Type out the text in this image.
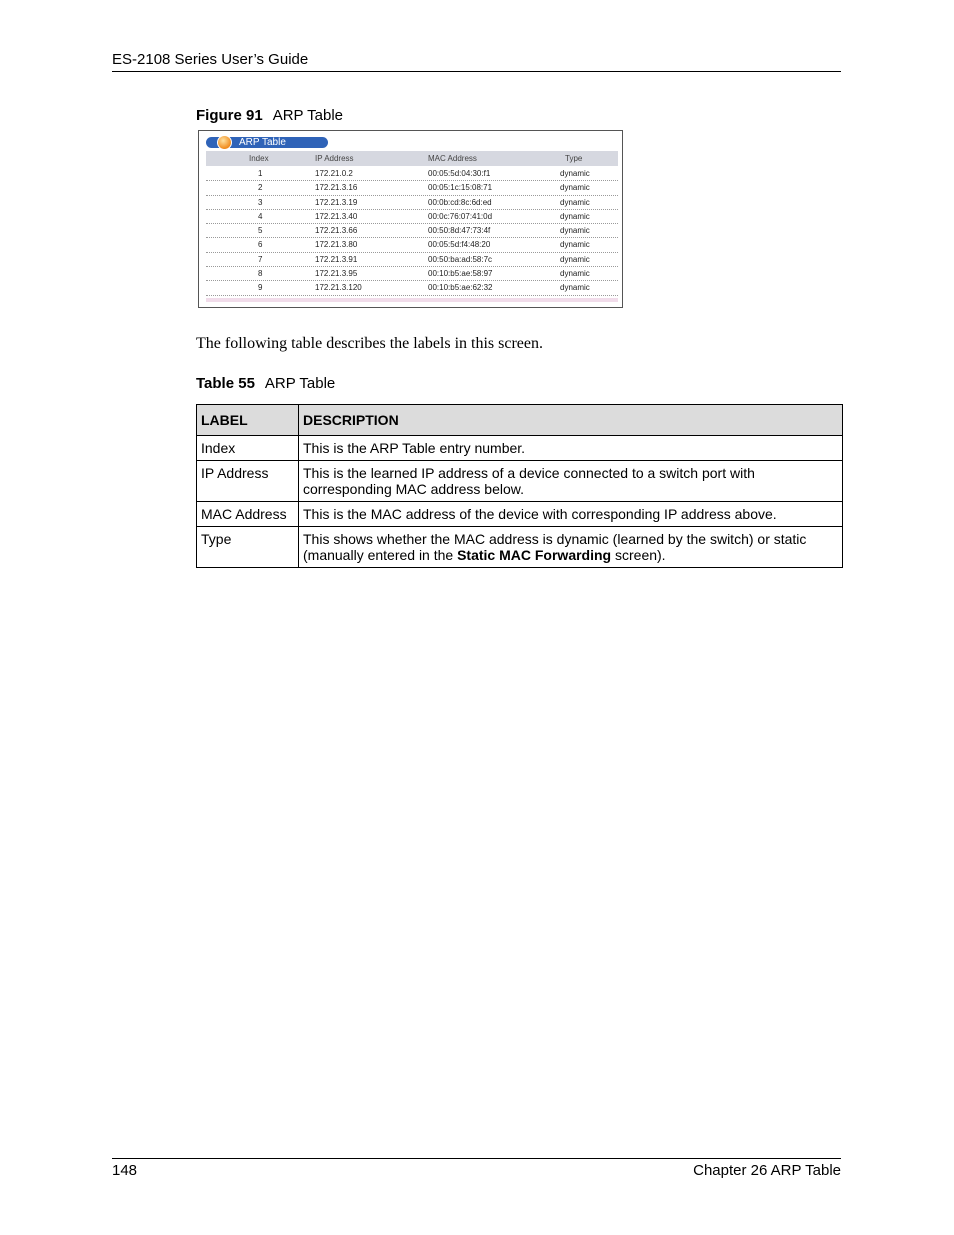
ES-2108 Series User’s Guide
Figure 91 ARP Table
ARP Table
Index	IP Address	MAC Address	Type
1	172.21.0.2	00:05:5d:04:30:f1	dynamic
2	172.21.3.16	00:05:1c:15:08:71	dynamic
3	172.21.3.19	00:0b:cd:8c:6d:ed	dynamic
4	172.21.3.40	00:0c:76:07:41:0d	dynamic
5	172.21.3.66	00:50:8d:47:73:4f	dynamic
6	172.21.3.80	00:05:5d:f4:48:20	dynamic
7	172.21.3.91	00:50:ba:ad:58:7c	dynamic
8	172.21.3.95	00:10:b5:ae:58:97	dynamic
9	172.21.3.120	00:10:b5:ae:62:32	dynamic
The following table describes the labels in this screen.
Table 55 ARP Table
LABEL	DESCRIPTION
Index	This is the ARP Table entry number.
IP Address	This is the learned IP address of a device connected to a switch port with corresponding MAC address below.
MAC Address	This is the MAC address of the device with corresponding IP address above.
Type	This shows whether the MAC address is dynamic (learned by the switch) or static (manually entered in the Static MAC Forwarding screen).
148	Chapter 26 ARP Table
